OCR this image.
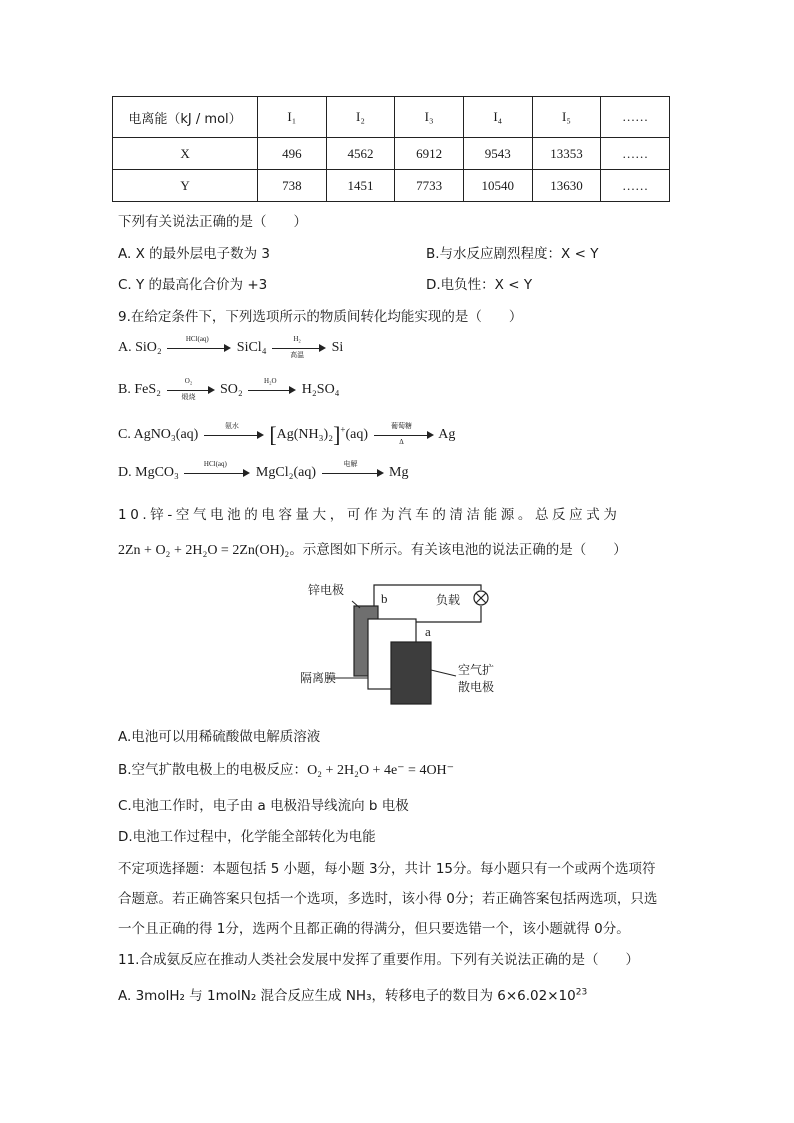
电离能（kJ / mol）	I₁	I₂	I₃	I₄	I₅	……
X	496	4562	6912	9543	13353	……
Y	738	1451	7733	10540	13630	……
下列有关说法正确的是（　　）
A. X 的最外层电子数为 3	B.与水反应剧烈程度：X < Y
C. Y 的最高化合价为 +3	D.电负性：X < Y
9.在给定条件下，下列选项所示的物质间转化均能实现的是（　　）
A. SiO₂
HCl(aq)
SiCl₄
H₂
高温	Si
B. FeS₂
O₂
煅烧	SO₂
H₂O
H₂SO₄
C. AgNO₃(aq)
氨水	[Ag(NH₃)₂]+(aq)
葡萄糖
Δ	Ag
D. MgCO₃
HCl(aq)
MgCl₂(aq)
电解
Mg
10.锌-空气电池的电容量大，可作为汽车的清洁能源。总反应式为
2Zn + O₂ + 2H₂O = 2Zn(OH)₂。示意图如下所示。有关该电池的说法正确的是（　　）
锌电极
b	负载
a
隔离膜
空气扩
散电极
A.电池可以用稀硫酸做电解质溶液
B.空气扩散电极上的电极反应：O₂ + 2H₂O + 4e⁻ = 4OH⁻
C.电池工作时，电子由 a 电极沿导线流向 b 电极
D.电池工作过程中，化学能全部转化为电能
不定项选择题：本题包括 5 小题，每小题 3分，共计 15分。每小题只有一个或两个选项符
合题意。若正确答案只包括一个选项，多选时，该小得 0分；若正确答案包括两选项，只选
一个且正确的得 1分，选两个且都正确的得满分，但只要选错一个，该小题就得 0分。
11.合成氨反应在推动人类社会发展中发挥了重要作用。下列有关说法正确的是（　　）
A. 3molH₂ 与 1molN₂ 混合反应生成 NH₃，转移电子的数目为 $6\times 6.02\times 10^{23}$
